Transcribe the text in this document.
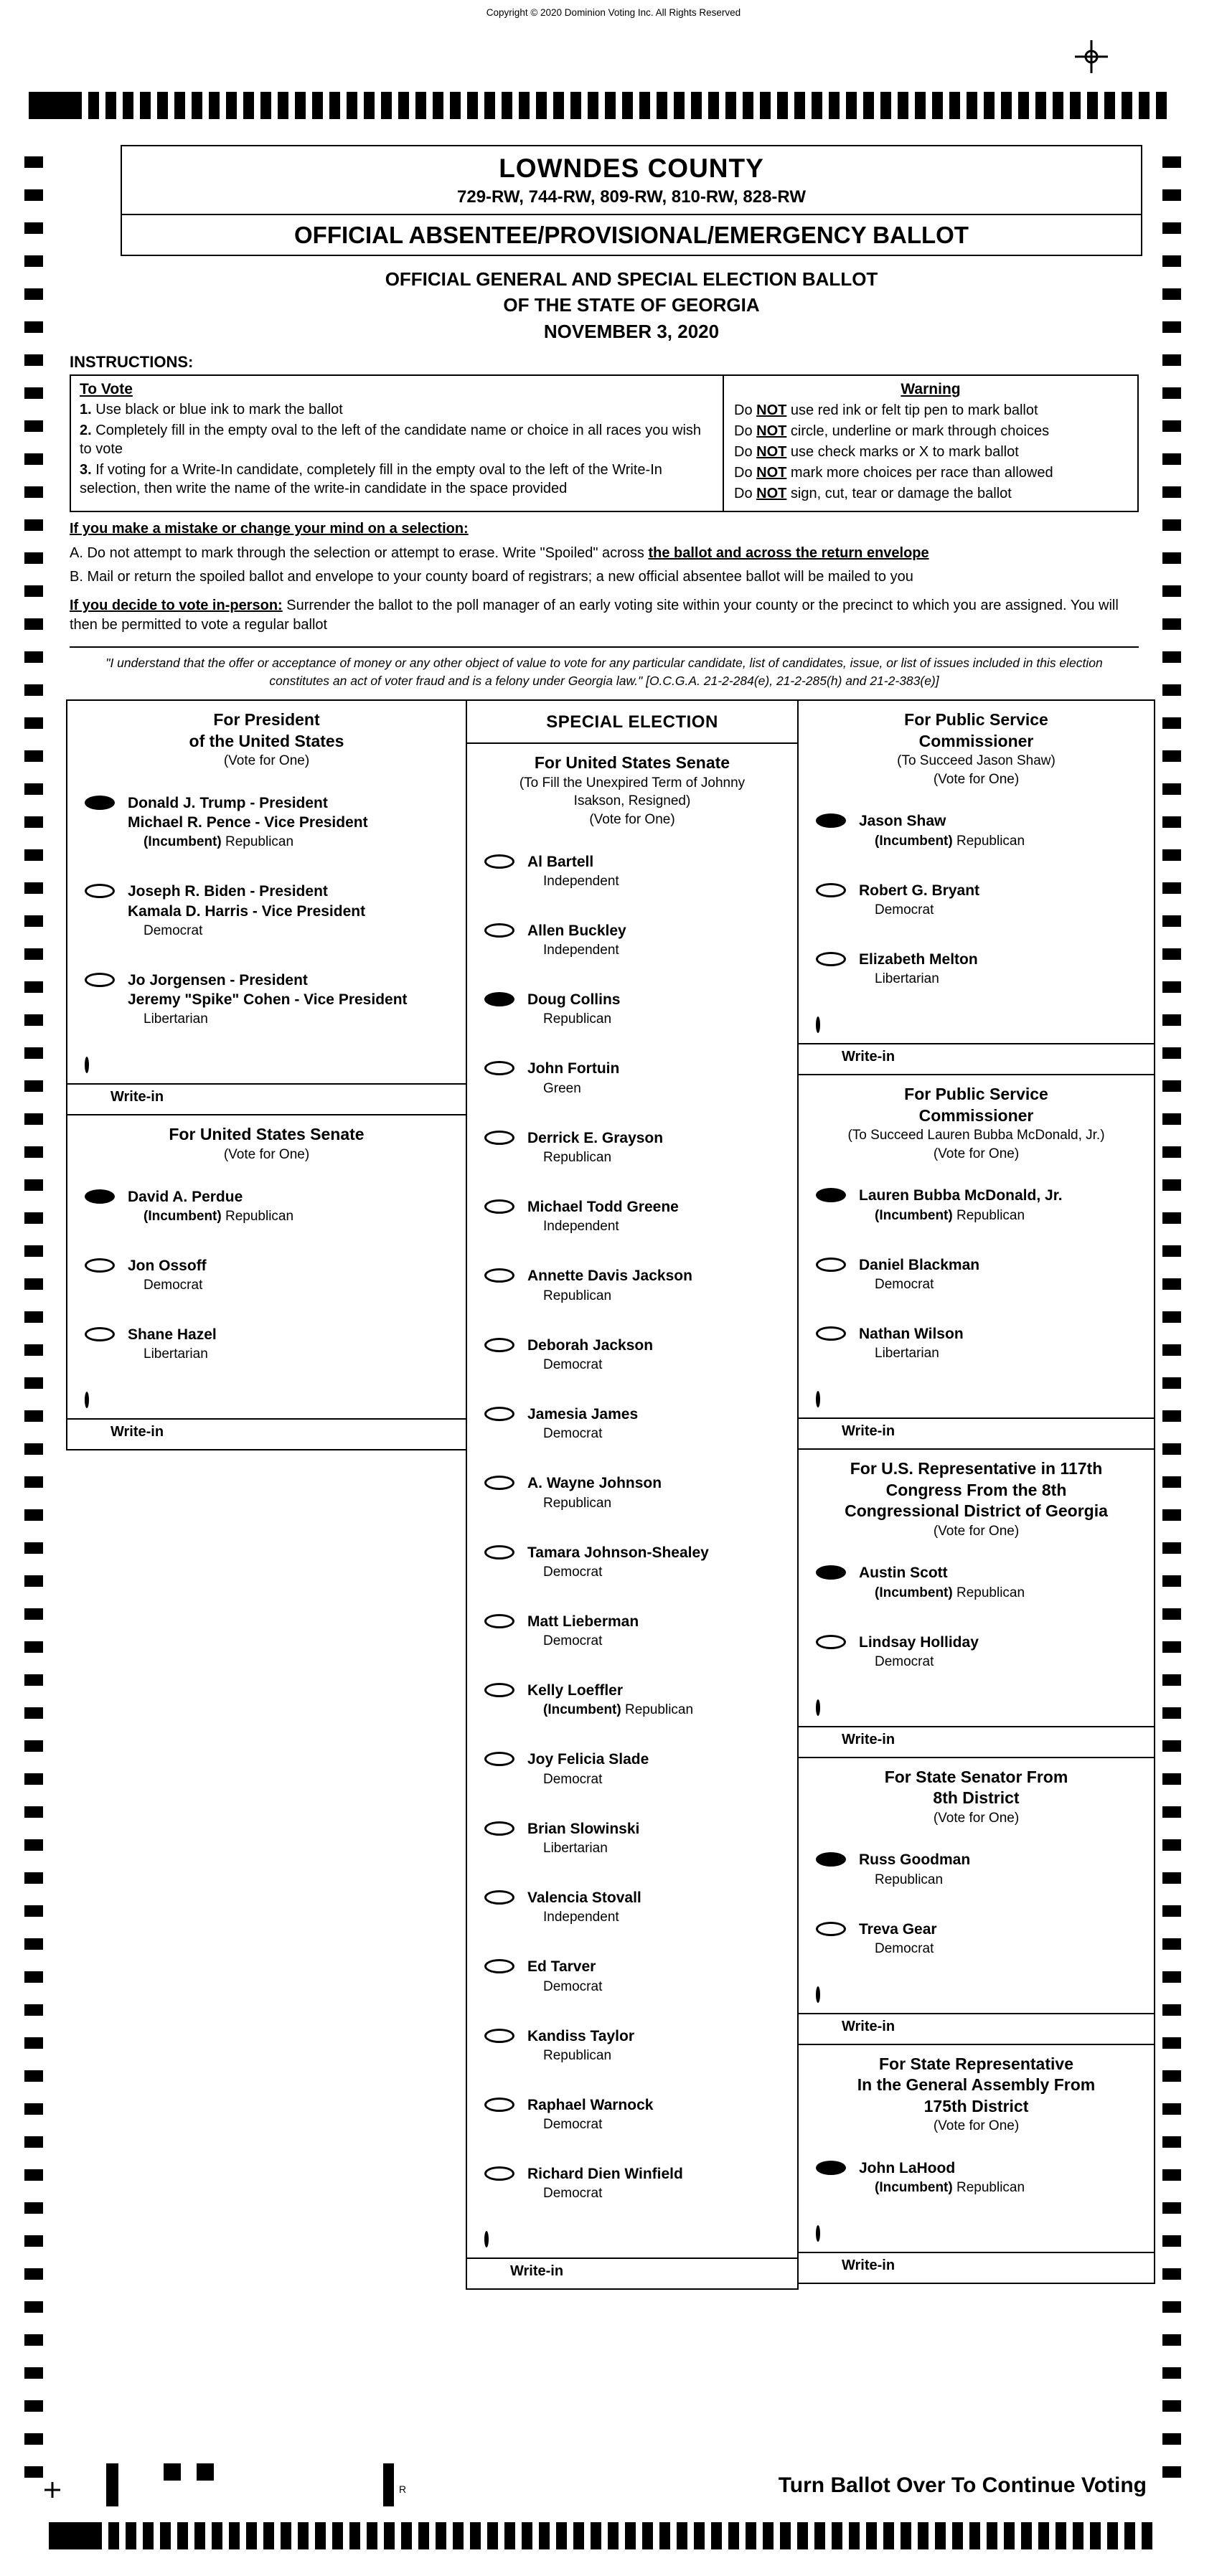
Copyright © 2020 Dominion Voting Inc. All Rights Reserved
LOWNDES COUNTY
729-RW, 744-RW, 809-RW, 810-RW, 828-RW
OFFICIAL ABSENTEE/PROVISIONAL/EMERGENCY BALLOT
OFFICIAL GENERAL AND SPECIAL ELECTION BALLOT
OF THE STATE OF GEORGIA
NOVEMBER 3, 2020
INSTRUCTIONS:
To Vote
1. Use black or blue ink to mark the ballot
2. Completely fill in the empty oval to the left of the candidate name or choice in all races you wish to vote
3. If voting for a Write-In candidate, completely fill in the empty oval to the left of the Write-In selection, then write the name of the write-in candidate in the space provided
Warning
Do NOT use red ink or felt tip pen to mark ballot
Do NOT circle, underline or mark through choices
Do NOT use check marks or X to mark ballot
Do NOT mark more choices per race than allowed
Do NOT sign, cut, tear or damage the ballot
If you make a mistake or change your mind on a selection:
A. Do not attempt to mark through the selection or attempt to erase. Write "Spoiled" across the ballot and across the return envelope
B. Mail or return the spoiled ballot and envelope to your county board of registrars; a new official absentee ballot will be mailed to you
If you decide to vote in-person: Surrender the ballot to the poll manager of an early voting site within your county or the precinct to which you are assigned. You will then be permitted to vote a regular ballot
"I understand that the offer or acceptance of money or any other object of value to vote for any particular candidate, list of candidates, issue, or list of issues included in this election constitutes an act of voter fraud and is a felony under Georgia law." [O.C.G.A. 21-2-284(e), 21-2-285(h) and 21-2-383(e)]
For President
of the United States
(Vote for One)
Donald J. Trump - President
Michael R. Pence - Vice President
(Incumbent) Republican
Joseph R. Biden - President
Kamala D. Harris - Vice President
Democrat
Jo Jorgensen - President
Jeremy "Spike" Cohen - Vice President
Libertarian
Write-in
For United States Senate
(Vote for One)
David A. Perdue
(Incumbent) Republican
Jon Ossoff
Democrat
Shane Hazel
Libertarian
Write-in
SPECIAL ELECTION
For United States Senate
(To Fill the Unexpired Term of Johnny
Isakson, Resigned)
(Vote for One)
Al Bartell
Independent
Allen Buckley
Independent
Doug Collins
Republican
John Fortuin
Green
Derrick E. Grayson
Republican
Michael Todd Greene
Independent
Annette Davis Jackson
Republican
Deborah Jackson
Democrat
Jamesia James
Democrat
A. Wayne Johnson
Republican
Tamara Johnson-Shealey
Democrat
Matt Lieberman
Democrat
Kelly Loeffler
(Incumbent) Republican
Joy Felicia Slade
Democrat
Brian Slowinski
Libertarian
Valencia Stovall
Independent
Ed Tarver
Democrat
Kandiss Taylor
Republican
Raphael Warnock
Democrat
Richard Dien Winfield
Democrat
Write-in
For Public Service
Commissioner
(To Succeed Jason Shaw)
(Vote for One)
Jason Shaw
(Incumbent) Republican
Robert G. Bryant
Democrat
Elizabeth Melton
Libertarian
Write-in
For Public Service
Commissioner
(To Succeed Lauren Bubba McDonald, Jr.)
(Vote for One)
Lauren Bubba McDonald, Jr.
(Incumbent) Republican
Daniel Blackman
Democrat
Nathan Wilson
Libertarian
Write-in
For U.S. Representative in 117th
Congress From the 8th
Congressional District of Georgia
(Vote for One)
Austin Scott
(Incumbent) Republican
Lindsay Holliday
Democrat
Write-in
For State Senator From
8th District
(Vote for One)
Russ Goodman
Republican
Treva Gear
Democrat
Write-in
For State Representative
In the General Assembly From
175th District
(Vote for One)
John LaHood
(Incumbent) Republican
Write-in
R	Turn Ballot Over To Continue Voting
